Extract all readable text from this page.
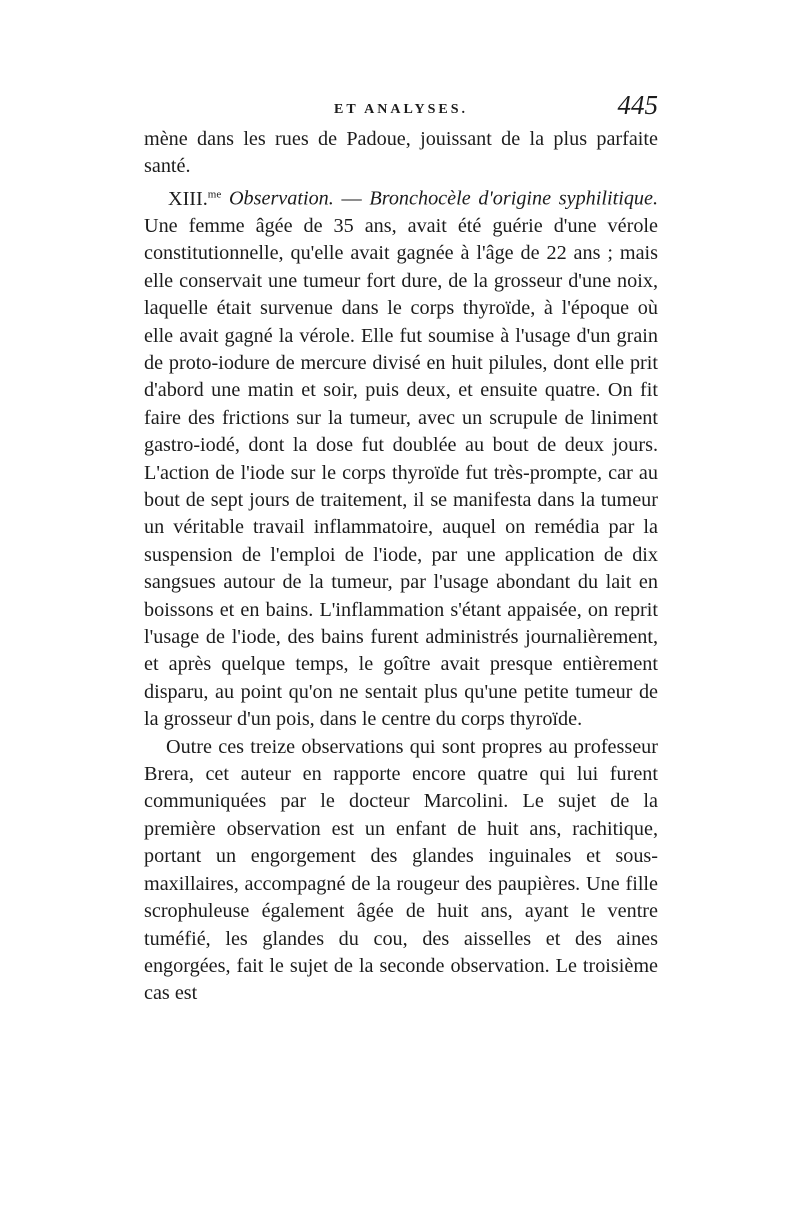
ET ANALYSES.	445

mène dans les rues de Padoue, jouissant de la plus parfaite santé.

XIII.$^{me}$ Observation. — Bronchocèle d'origine syphilitique. Une femme âgée de 35 ans, avait été guérie d'une vérole constitutionnelle, qu'elle avait gagnée à l'âge de 22 ans ; mais elle conservait une tumeur fort dure, de la grosseur d'une noix, laquelle était survenue dans le corps thyroïde, à l'époque où elle avait gagné la vérole. Elle fut soumise à l'usage d'un grain de proto-iodure de mercure divisé en huit pilules, dont elle prit d'abord une matin et soir, puis deux, et ensuite quatre. On fit faire des frictions sur la tumeur, avec un scrupule de liniment gastro-iodé, dont la dose fut doublée au bout de deux jours. L'action de l'iode sur le corps thyroïde fut très-prompte, car au bout de sept jours de traitement, il se manifesta dans la tumeur un véritable travail inflammatoire, auquel on remédia par la suspension de l'emploi de l'iode, par une application de dix sangsues autour de la tumeur, par l'usage abondant du lait en boissons et en bains. L'inflammation s'étant appaisée, on reprit l'usage de l'iode, des bains furent administrés journalièrement, et après quelque temps, le goître avait presque entièrement disparu, au point qu'on ne sentait plus qu'une petite tumeur de la grosseur d'un pois, dans le centre du corps thyroïde.

Outre ces treize observations qui sont propres au professeur Brera, cet auteur en rapporte encore quatre qui lui furent communiquées par le docteur Marcolini. Le sujet de la première observation est un enfant de huit ans, rachitique, portant un engorgement des glandes inguinales et sous-maxillaires, accompagné de la rougeur des paupières. Une fille scrophuleuse également âgée de huit ans, ayant le ventre tuméfié, les glandes du cou, des aisselles et des aines engorgées, fait le sujet de la seconde observation. Le troisième cas est
